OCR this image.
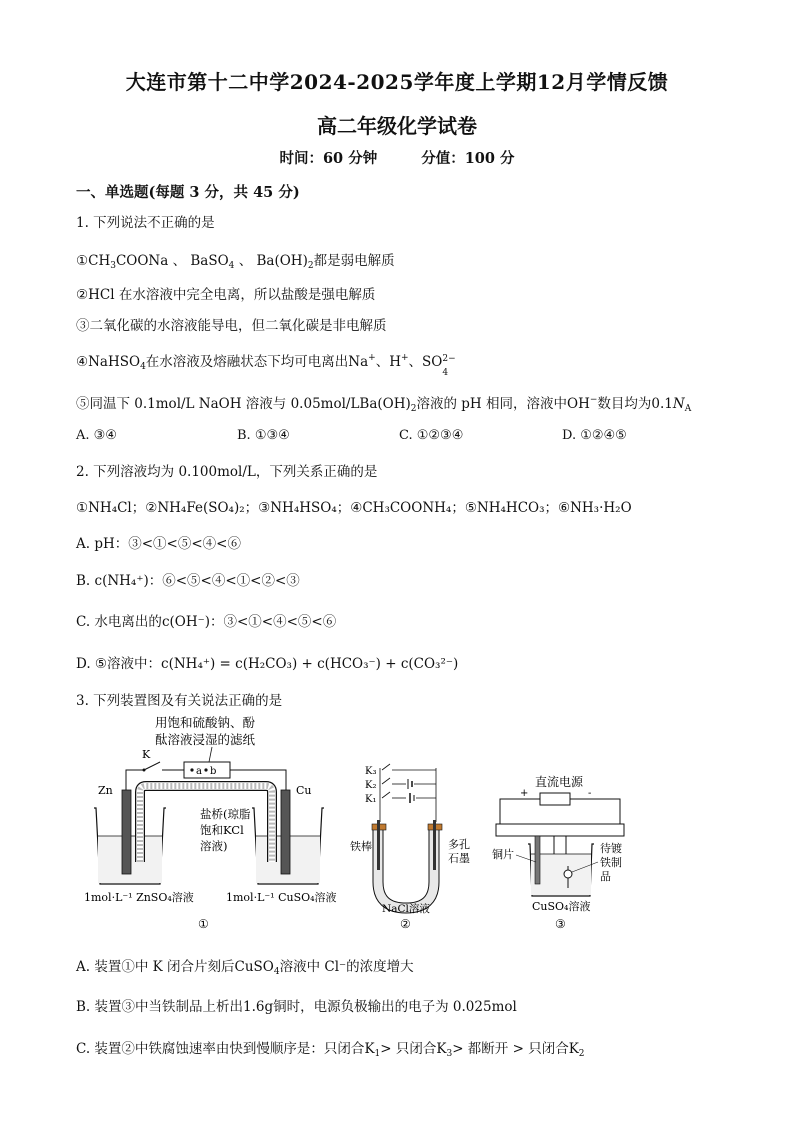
大连市第十二中学2024-2025学年度上学期12月学情反馈
高二年级化学试卷
时间：60 分钟	分值：100 分
一、单选题(每题 3 分，共 45 分)
1. 下列说法不正确的是
$①CH_3COONa$ 、 BaSO$_4$ 、 $Ba(OH)_2$都是弱电解质
②HCl 在水溶液中完全电离，所以盐酸是强电解质
③二氧化碳的水溶液能导电，但二氧化碳是非电解质
④NaHSO$_4$在水溶液及熔融状态下均可电离出Na+、H+、SO 2−
4
⑤同温下 0.1mol/L NaOH 溶液与 $0.05mol/LBa(OH)_2$溶液的 pH 相同，溶液中OH−数目均为$0.1N_A$
A. ③④	B. ①③④	C. ①②③④	D. ①②④⑤
2. 下列溶液均为 0.100mol/L，下列关系正确的是
①NH₄Cl；②NH₄Fe(SO₄)₂；③NH₄HSO₄；④CH₃COONH₄；⑤NH₄HCO₃；⑥NH₃·H₂O
A. pH：③<①<⑤<④<⑥
B. c(NH₄⁺)：⑥<⑤<④<①<②<③
C. 水电离出的c(OH⁻)：③<①<④<⑤<⑥
D. ⑤溶液中：c(NH₄⁺) = c(H₂CO₃) + c(HCO₃⁻) + c(CO₃²⁻)
3. 下列装置图及有关说法正确的是
用饱和硫酸钠、酚
酞溶液浸湿的滤纸
a b
K
Zn	Cu
盐桥(琼脂
饱和KCl
溶液)
1mol·L⁻¹ ZnSO₄溶液	1mol·L⁻¹ CuSO₄溶液
①
K₃
K₂
K₁
铁棒	多孔
石墨
NaCl溶液
②
直流电源
+	-
铜片	待镀
铁制
品
CuSO₄溶液
③
A. 装置①中 K 闭合片刻后CuSO$_4$溶液中 Cl⁻的浓度增大
B. 装置③中当铁制品上析出1.6g铜时，电源负极输出的电子为 0.025mol
C. 装置②中铁腐蚀速率由快到慢顺序是：只闭合$K_1>$ 只闭合$K_3>$ 都断开 > 只闭合$K_2$
